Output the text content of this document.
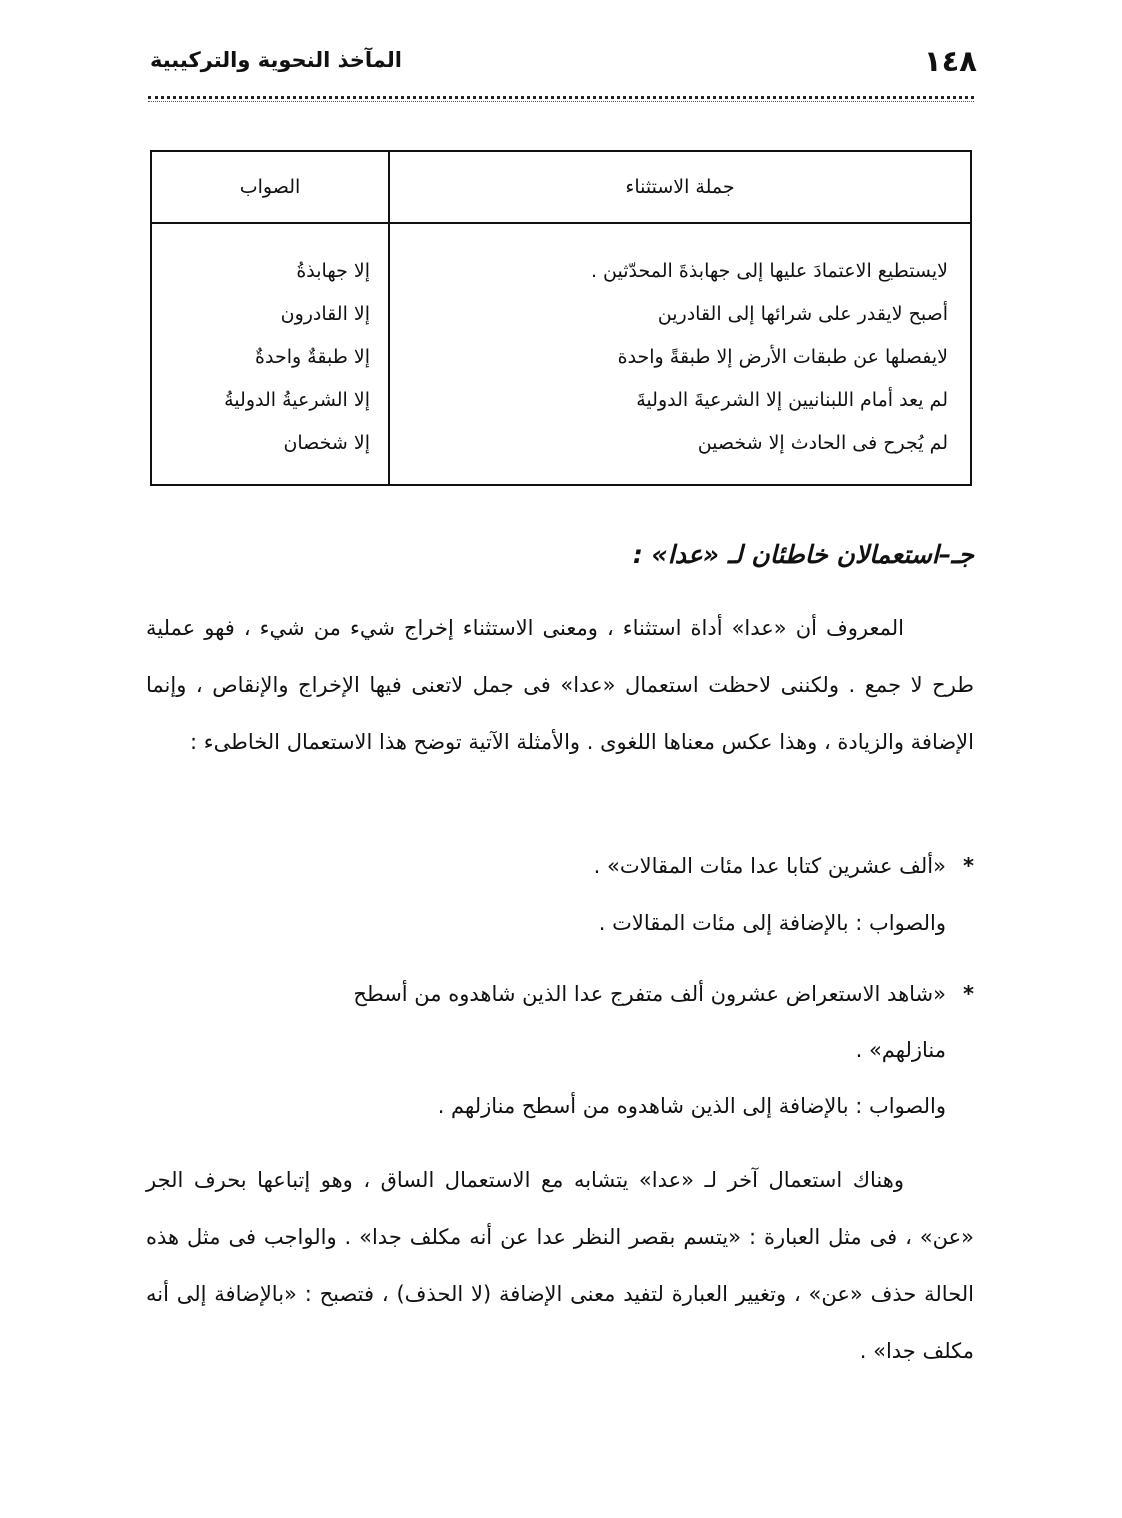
المآخذ النحوية والتركيبية	١٤٨
جملة الاستثناء
لايستطيع الاعتمادَ عليها إلى جهابذةَ المحدّثين .
أصبح لايقدر على شرائها إلى القادرين
لايفصلها عن طبقات الأرض إلا طبقةً واحدة
لم يعد أمام اللبنانيين إلا الشرعيةَ الدوليةَ
لم يُجرح فى الحادث إلا شخصين
الصواب
إلا جهابذةُ
إلا القادرون
إلا طبقةٌ واحدةٌ
إلا الشرعيةُ الدوليةُ
إلا شخصان
جـ–استعمالان خاطئان لـ «عدا» :

المعروف أن «عدا» أداة استثناء ، ومعنى الاستثناء إخراج شيء من شيء ، فهو عملية طرح لا جمع . ولكننى لاحظت استعمال «عدا» فى جمل لاتعنى فيها الإخراج والإنقاص ، وإنما الإضافة والزيادة ، وهذا عكس معناها اللغوى . والأمثلة الآتية توضح هذا الاستعمال الخاطىء :

*«ألف عشرين كتابا عدا مئات المقالات» .
والصواب : بالإضافة إلى مئات المقالات .
*«شاهد الاستعراض عشرون ألف متفرج عدا الذين شاهدوه من أسطح
منازلهم» .
والصواب : بالإضافة إلى الذين شاهدوه من أسطح منازلهم .

وهناك استعمال آخر لـ «عدا» يتشابه مع الاستعمال الساق ، وهو إتباعها بحرف الجر «عن» ، فى مثل العبارة : «يتسم بقصر النظر عدا عن أنه مكلف جدا» . والواجب فى مثل هذه الحالة حذف «عن» ، وتغيير العبارة لتفيد معنى الإضافة (لا الحذف) ، فتصبح : «بالإضافة إلى أنه مكلف جدا» .
